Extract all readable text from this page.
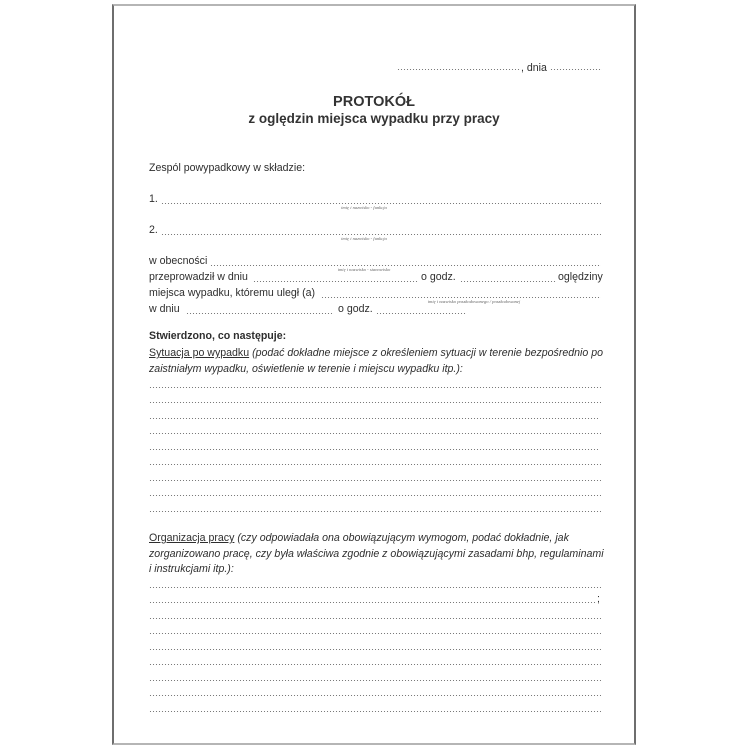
, dnia
PROTOKÓŁ
z oględzin miejsca wypadku przy pracy
Zespól powypadkowy w składzie:
1.
imię i nazwisko - funkcja
2.
imię i nazwisko - funkcja
w obecności
imię i nazwisko - stanowisko
przeprowadził w dniu	o godz.	oględziny
miejsca wypadku, któremu uległ (a)
imię i nazwisko poszkodowanego / poszkodowanej
w dniu	o godz.
Stwierdzono, co następuje:
Sytuacja po wypadku (podać dokładne miejsce z określeniem sytuacji w terenie bezpośrednio po
zaistniałym wypadku, oświetlenie w terenie i miejscu wypadku itp.):
Organizacja pracy (czy odpowiadała ona obowiązującym wymogom, podać dokładnie, jak
zorganizowano pracę, czy była właściwa zgodnie z obowiązującymi zasadami bhp, regulaminami
i instrukcjami itp.):
;
